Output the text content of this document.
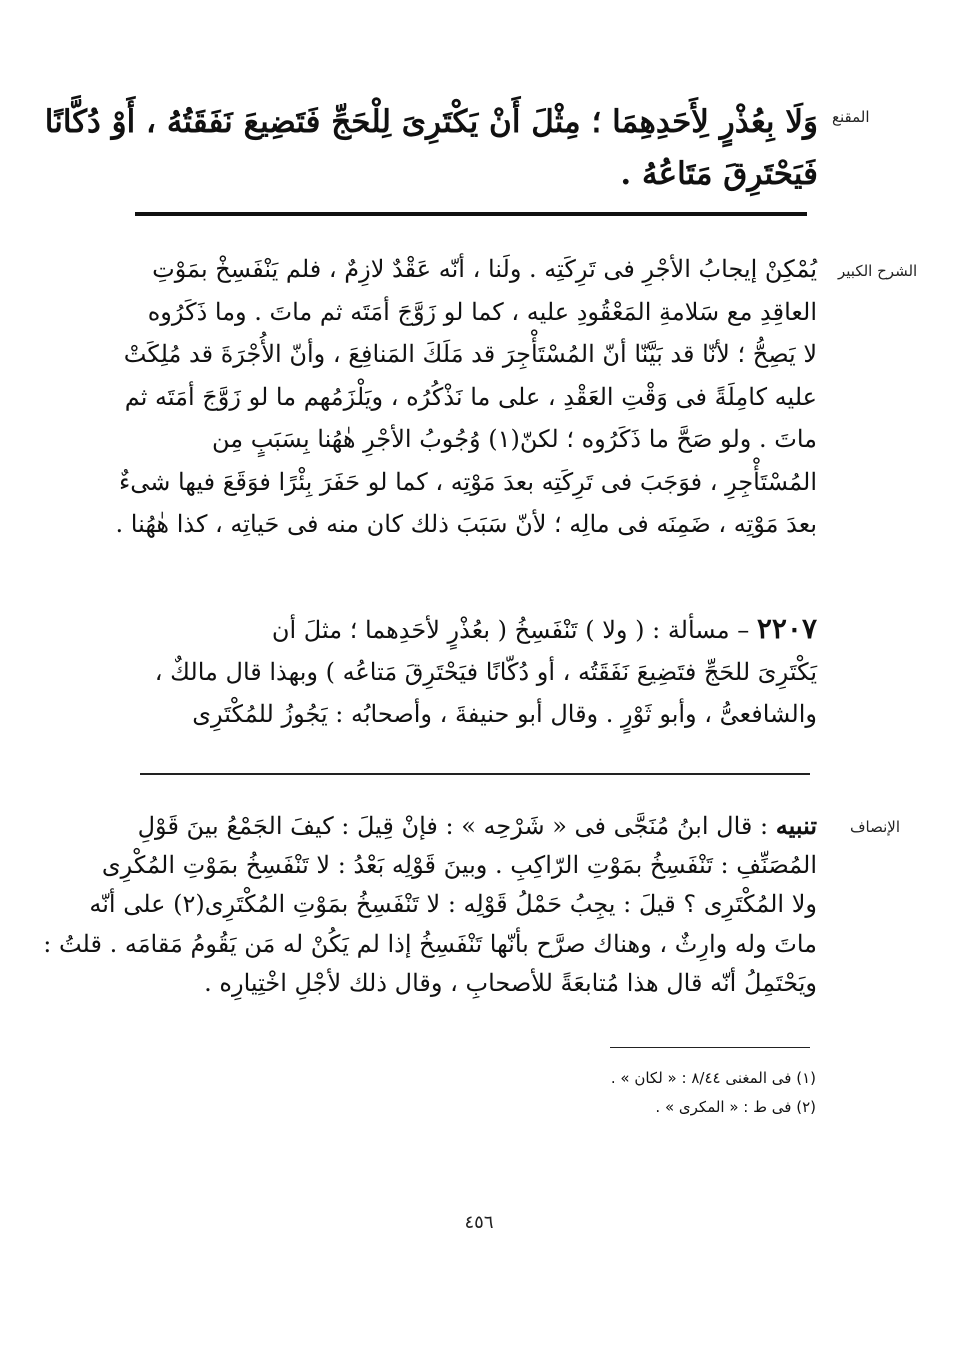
المقنع
وَلَا بِعُذْرٍ لِأَحَدِهِمَا ؛ مِثْلَ أَنْ يَكْتَرِىَ لِلْحَجِّ فَتَضِيعَ نَفَقَتُهُ ، أَوْ دُكَّانًا
فَيَحْتَرِقَ مَتَاعُهُ .
الشرح الكبير
يُمْكِنْ إيجابُ الأجْرِ فى تَرِكَتِه . ولَنا ، أنّه عَقْدٌ لازِمٌ ، فلم يَنْفَسِخْ بمَوْتِ
العاقِدِ مع سَلامةِ المَعْقُودِ عليه ، كما لو زَوَّجَ أمَتَه ثم ماتَ . وما ذَكَرُوه
لا يَصِحُّ ؛ لأنّا قد بَيَّنّا أنّ المُسْتَأْجِرَ قد مَلَكَ المَنافِعَ ، وأنّ الأُجْرَةَ قد مُلِكَتْ
عليه كامِلَةً فى وَقْتِ العَقْدِ ، على ما نَذْكُرُه ، ويَلْزَمُهم ما لو زَوَّجَ أمَتَه ثم
ماتَ . ولو صَحَّ ما ذَكَرُوه ؛ لكنّ(١) وُجُوبُ الأجْرِ هٰهُنا بِسَبَبٍ مِن
المُسْتَأْجِرِ ، فوَجَبَ فى تَرِكَتِه بعدَ مَوْتِه ، كما لو حَفَرَ بِئْرًا فوَقَعَ فيها شىءٌ
بعدَ مَوْتِه ، ضَمِنَه فى مالِه ؛ لأنّ سَبَبَ ذلك كان منه فى حَياتِه ، كذا هٰهُنا .
٢٢٠٧ – مسألة : ( ولا ) تَنْفَسِخُ ( بعُذْرٍ لأحَدِهما ؛ مثلَ أن
يَكْتَرِىَ للحَجِّ فتَضِيعَ نَفَقَتُه ، أو دُكّانًا فيَحْتَرِقَ مَتاعُه ) وبهذا قال مالكٌ ،
والشافعىُّ ، وأبو ثَوْرٍ . وقال أبو حنيفةَ ، وأصحابُه : يَجُوزُ للمُكْتَرِى
الإنصاف
تنبيه : قال ابنُ مُنَجَّى فى « شَرْحِه » : فإنْ قِيلَ : كيفَ الجَمْعُ بينَ قَوْلِ
المُصَنِّفِ : تَنْفَسِخُ بمَوْتِ الرّاكِبِ . وبينَ قَوْلِه بَعْدُ : لا تَنْفَسِخُ بمَوْتِ المُكْرِى
ولا المُكْتَرِى ؟ قيلَ : يجِبُ حَمْلُ قَوْلِه : لا تَنْفَسِخُ بمَوْتِ المُكْتَرِى(٢) على أنّه
ماتَ وله وارِثٌ ، وهناك صرَّح بأنّها تَنْفَسِخُ إذا لم يَكُنْ له مَن يَقُومُ مَقامَه . قلتُ :
ويَحْتَمِلُ أنّه قال هذا مُتابعَةً للأصحابِ ، وقال ذلك لأجْلِ اخْتِيارِه .
(١) فى المغنى ٨/٤٤ : « لكان » .
(٢) فى ط : « المكرى » .
٤٥٦
